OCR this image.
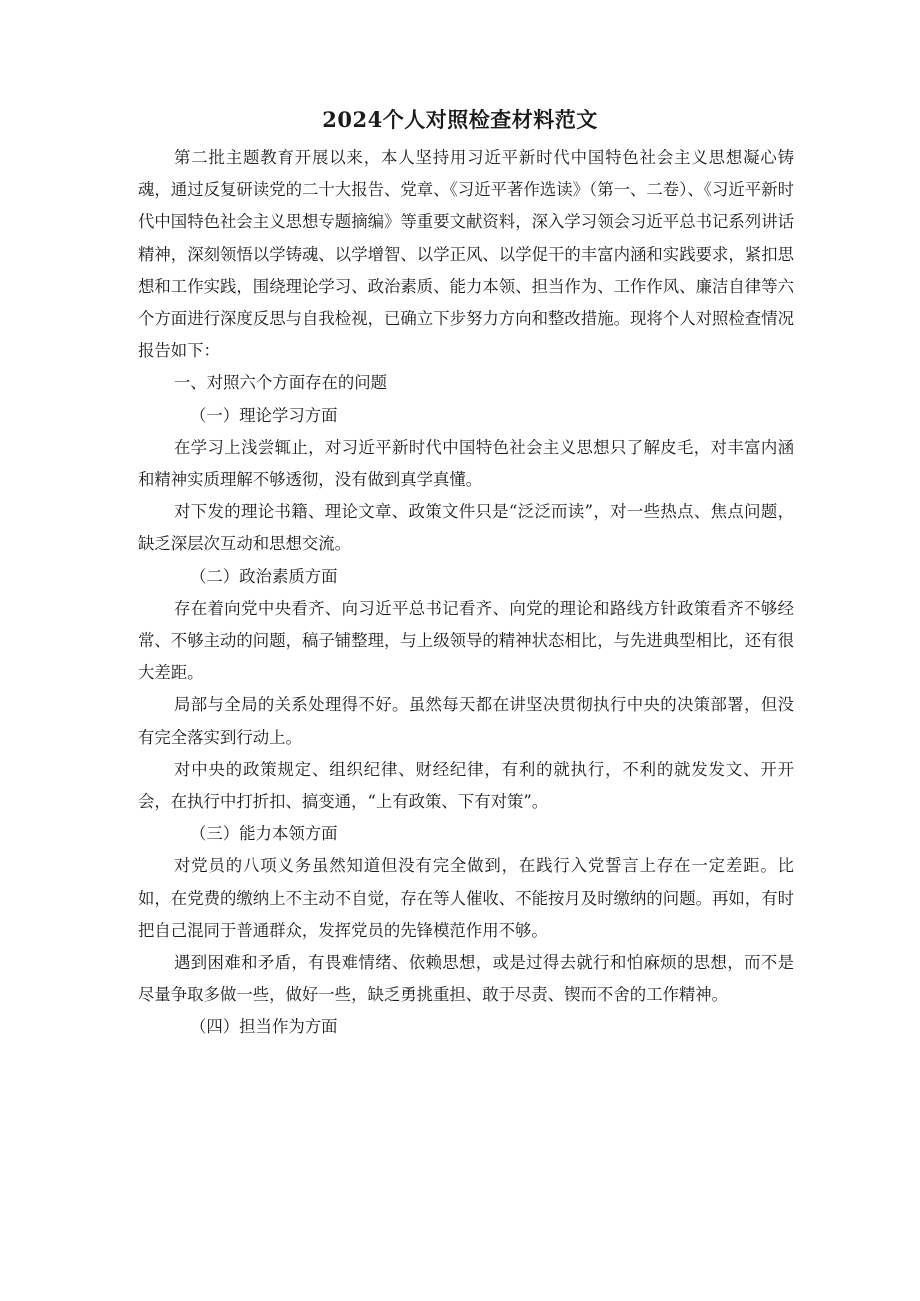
2024个人对照检查材料范文

第二批主题教育开展以来，本人坚持用习近平新时代中国特色社会主义思想凝心铸魂，通过反复研读党的二十大报告、党章、《习近平著作选读》（第一、二卷）、《习近平新时代中国特色社会主义思想专题摘编》等重要文献资料，深入学习领会习近平总书记系列讲话精神，深刻领悟以学铸魂、以学增智、以学正风、以学促干的丰富内涵和实践要求，紧扣思想和工作实践，围绕理论学习、政治素质、能力本领、担当作为、工作作风、廉洁自律等六个方面进行深度反思与自我检视，已确立下步努力方向和整改措施。现将个人对照检查情况报告如下：

一、对照六个方面存在的问题

（一）理论学习方面

在学习上浅尝辄止，对习近平新时代中国特色社会主义思想只了解皮毛，对丰富内涵和精神实质理解不够透彻，没有做到真学真懂。

对下发的理论书籍、理论文章、政策文件只是“泛泛而读”，对一些热点、焦点问题，缺乏深层次互动和思想交流。

（二）政治素质方面

存在着向党中央看齐、向习近平总书记看齐、向党的理论和路线方针政策看齐不够经常、不够主动的问题，稿子铺整理，与上级领导的精神状态相比，与先进典型相比，还有很大差距。

局部与全局的关系处理得不好。虽然每天都在讲坚决贯彻执行中央的决策部署，但没有完全落实到行动上。

对中央的政策规定、组织纪律、财经纪律，有利的就执行，不利的就发发文、开开会，在执行中打折扣、搞变通，“上有政策、下有对策”。

（三）能力本领方面

对党员的八项义务虽然知道但没有完全做到，在践行入党誓言上存在一定差距。比如，在党费的缴纳上不主动不自觉，存在等人催收、不能按月及时缴纳的问题。再如，有时把自己混同于普通群众，发挥党员的先锋模范作用不够。

遇到困难和矛盾，有畏难情绪、依赖思想，或是过得去就行和怕麻烦的思想，而不是尽量争取多做一些，做好一些，缺乏勇挑重担、敢于尽责、锲而不舍的工作精神。

（四）担当作为方面
